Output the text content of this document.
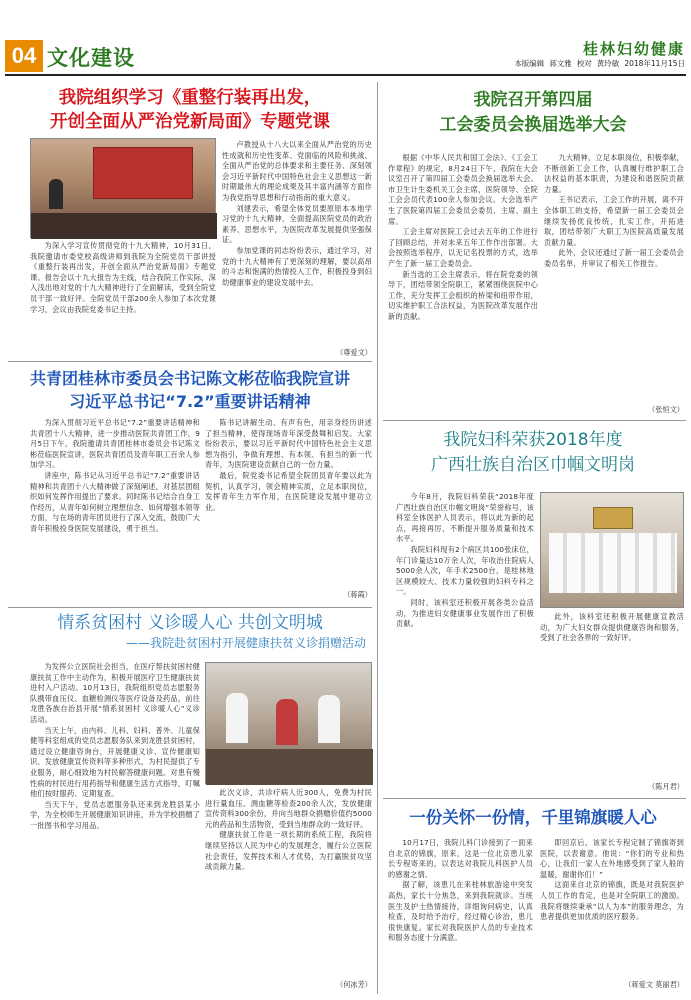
04 文化建设	桂林妇幼健康
本版编辑 蒋文雅 校对 黄玲敏 2018年11月15日
我院组织学习《重整行装再出发，
开创全面从严治党新局面》专题党课

为深入学习宣传贯彻党的十九大精神，10月31日，我院邀请市委党校高级讲师到我院为全院党员干部讲授《重整行装再出发，开创全面从严治党新局面》专题党课。报告会以十九大报告为主线，结合我院工作实际，深入浅出地对党的十九大精神进行了全面解读，受到全院党员干部一致好评。全院党员干部200余人参加了本次党课学习，会议由我院党委书记主持。

卢教授从十八大以来全面从严治党的历史性成就和历史性变革、党面临的风险和挑战、全面从严治党的总体要求和主要任务、深刻领会习近平新时代中国特色社会主义思想这一新时期最伟大的理论成果及其丰富内涵等方面作为我党指导思想和行动指南的重大意义。

刘建表示，希望全体党员要原原本本地学习党的十九大精神，全面提高医院党员的政治素养、思想水平，为医院改革发展提供坚强保证。

参加党课的同志纷纷表示，通过学习，对党的十九大精神有了更深刻的理解，要以高昂的斗志和饱满的热情投入工作，积极投身到妇幼健康事业的建设发展中去。

（尊爱文）
共青团桂林市委员会书记陈文彬莅临我院宣讲
习近平总书记“7.2”重要讲话精神

为深入贯彻习近平总书记“7.2”重要讲话精神和共青团十八大精神，进一步推动医院共青团工作，9月5日下午，我院邀请共青团桂林市委员会书记陈文彬莅临医院宣讲，医院共青团员及青年职工百余人参加学习。

讲座中，陈书记从习近平总书记“7.2”重要讲话精神和共青团十八大精神做了深刻阐述，对基层团组织如何发挥作用提出了要求。同时陈书记结合自身工作经历，从青年如何树立理想信念、如何增强本领等方面，与在场的青年团员进行了深入交流，鼓励广大青年积极投身医院发展建设，勇于担当。

陈书记讲解生动、有声有色，用亲身经历讲述了担当精神，使得现场青年深受鼓舞和启发。大家纷纷表示，要以习近平新时代中国特色社会主义思想为指引，争做有理想、有本领、有担当的新一代青年，为医院建设贡献自己的一份力量。

最后，院党委书记希望全院团员青年要以此为契机，认真学习，领会精神实质，立足本职岗位，发挥青年生力军作用，在医院建设发展中建功立业。

（蒋霞）
情系贫困村 义诊暖人心 共创文明城
——我院赴贫困村开展健康扶贫义诊捐赠活动

为发挥公立医院社会担当，在医疗帮扶贫困村健康扶贫工作中主动作为，积极开展医疗卫生健康扶贫进村入户活动。10月13日，我院组织党员志愿服务队携带血压仪、血糖检测仪等医疗设备及药品，前往龙胜各族自治县开展“情系贫困村 义诊暖人心”义诊活动。

当天上午，由内科、儿科、妇科、普外、儿童保健等科室组成的党员志愿服务队来到龙胜县贫困村，通过设立健康咨询台，开展健康义诊、宣传健康知识、发放健康宣传资料等多种形式，为村民提供了专业服务，耐心细致地为村民解答健康问题。对患有慢性病的村民进行用药指导和健康生活方式指导，叮嘱他们按时服药、定期复查。

当天下午，党员志愿服务队还来到龙胜县某小学，为全校师生开展健康知识讲座，并为学校捐赠了一批图书和学习用品。

此次义诊，共诊疗病人近300人，免费为村民进行量血压、测血糖等检查200余人次，发放健康宣传资料300余份，并向当地群众捐赠价值约5000元的药品和生活物资，受到当地群众的一致好评。

健康扶贫工作是一项长期的系统工程，我院将继续坚持以人民为中心的发展理念，履行公立医院社会责任，发挥技术和人才优势，为打赢脱贫攻坚战贡献力量。

（何冰芳）
我院召开第四届
工会委员会换届选举大会

根据《中华人民共和国工会法》、《工会工作章程》的规定，8月24日下午，我院在大会议室召开了第四届工会委员会换届选举大会。市卫生计生委机关工会主席，医院领导、全院工会会员代表100余人参加会议。大会选举产生了医院第四届工会委员会委员、主席、副主席。

工会主席对医院工会过去五年的工作进行了回顾总结，并对未来五年工作作出部署。大会按照选举程序，以无记名投票的方式，选举产生了新一届工会委员会。

新当选的工会主席表示，将在院党委的领导下，团结带领全院职工，紧紧围绕医院中心工作，充分发挥工会组织的桥梁和纽带作用，切实维护职工合法权益，为医院改革发展作出新的贡献。

九大精神，立足本职岗位，积极奉献，不断创新工会工作，认真履行维护职工合法权益的基本职责，为建设和谐医院贡献力量。

王书记表示，工会工作的开展，离不开全体职工的支持，希望新一届工会委员会继续发扬优良传统，扎实工作，开拓进取，团结带领广大职工为医院高质量发展贡献力量。

此外，会议还通过了新一届工会委员会委员名单，并审议了相关工作报告。

（张恒文）
我院妇科荣获2018年度
广西壮族自治区巾帼文明岗

今年8月，我院妇科荣获“2018年度广西壮族自治区巾帼文明岗”荣誉称号，该科室全体医护人员表示，将以此为新的起点，再接再厉，不断提升服务质量和技术水平。

我院妇科现有2个病区共100张床位，年门诊量达10万余人次，年收治住院病人5000余人次，年手术2500台，是桂林地区规模较大、技术力量较强的妇科专科之一。

同时，该科室还积极开展各类公益活动，为推进妇女健康事业发展作出了积极贡献。

此外，该科室还积极开展健康宣教活动，为广大妇女群众提供健康咨询和服务，受到了社会各界的一致好评。

（陈月君）
一份关怀一份情，千里锦旗暖人心

10月17日，我院儿科门诊接到了一面来自北京的锦旗，原来，这是一位北京患儿家长专程寄来的，以表达对我院儿科医护人员的感谢之情。

据了解，该患儿在来桂林旅游途中突发高热，家长十分焦急，来到我院就诊。当班医生及护士热情接待，详细询问病史，认真检查，及时给予治疗，经过精心诊治，患儿很快康复。家长对我院医护人员的专业技术和服务态度十分满意。

即回京后，该家长专程定制了锦旗寄到医院，以表谢意。他说：“你们的专业和热心，让我们一家人在外地感受到了家人般的温暖，谢谢你们！”

这面来自北京的锦旗，既是对我院医护人员工作的肯定，也是对全院职工的激励。我院将继续秉承“以人为本”的服务理念，为患者提供更加优质的医疗服务。

（蒋爱文 莫丽君）
